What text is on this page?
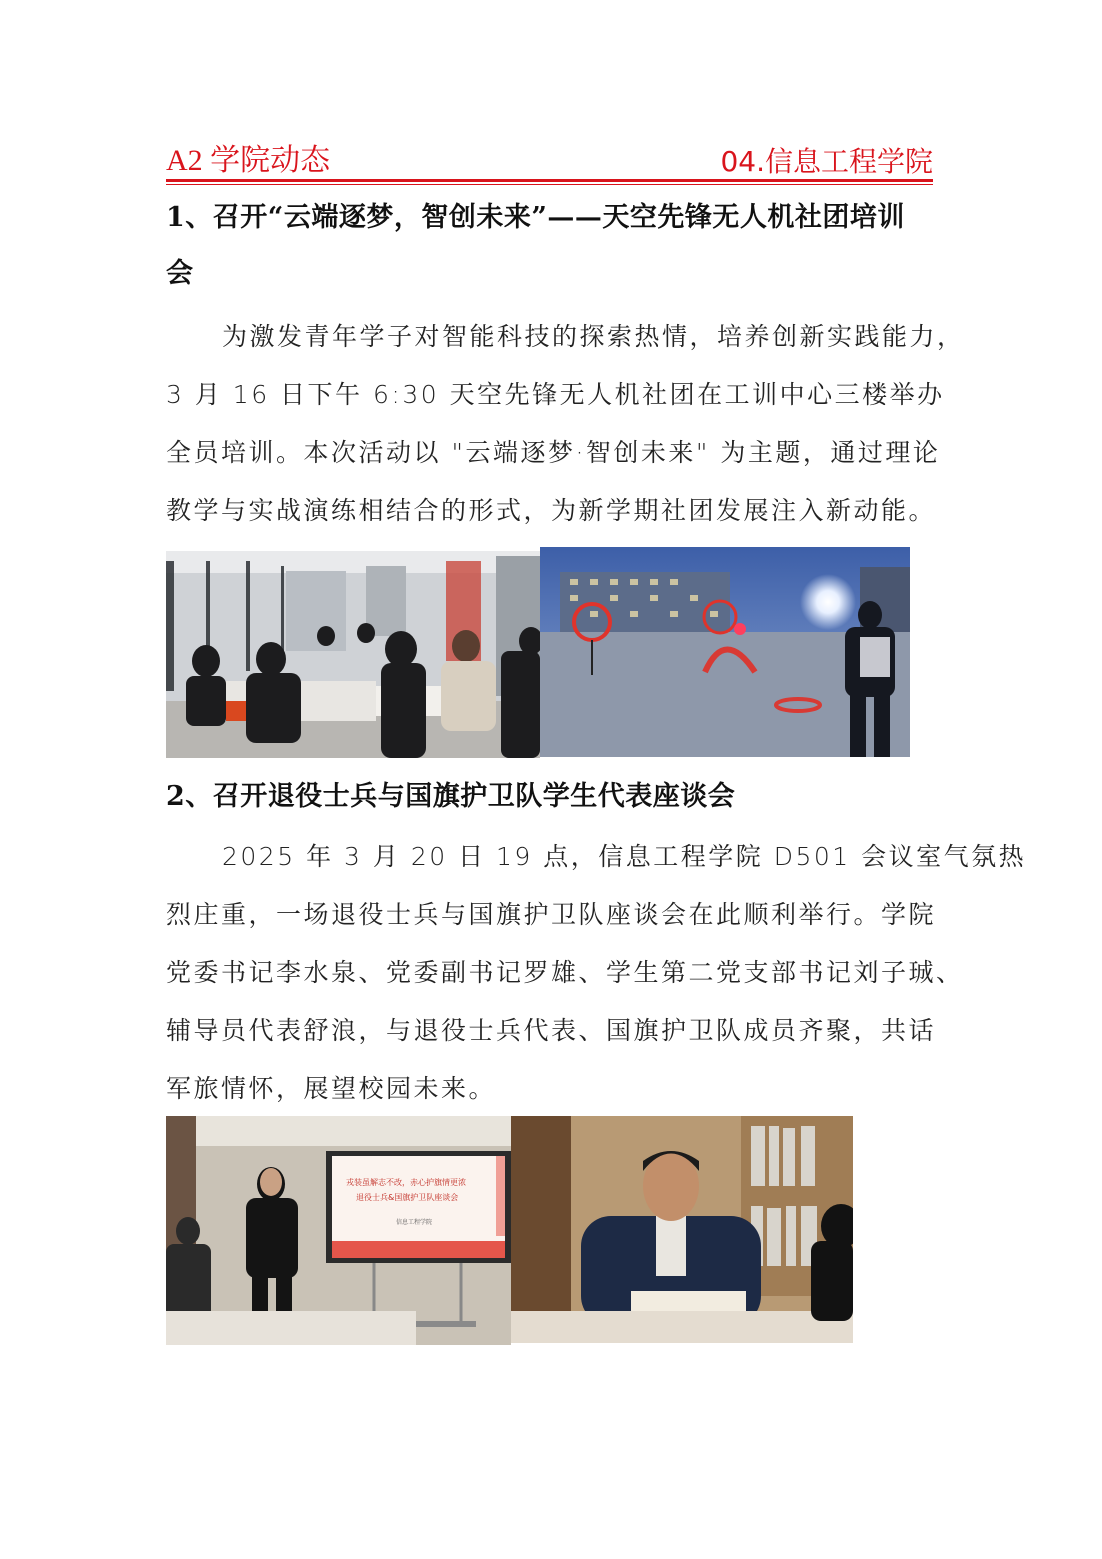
A2 学院动态	04.信息工程学院
1、召开“云端逐梦，智创未来”——天空先锋无人机社团培训
会
为激发青年学子对智能科技的探索热情，培养创新实践能力，
3 月 16 日下午 6:30 天空先锋无人机社团在工训中心三楼举办
全员培训。本次活动以 "云端逐梦·智创未来" 为主题，通过理论
教学与实战演练相结合的形式，为新学期社团发展注入新动能。
2、召开退役士兵与国旗护卫队学生代表座谈会
2025 年 3 月 20 日 19 点，信息工程学院 D501 会议室气氛热
烈庄重，一场退役士兵与国旗护卫队座谈会在此顺利举行。学院
党委书记李水泉、党委副书记罗雄、学生第二党支部书记刘子珹、
辅导员代表舒浪，与退役士兵代表、国旗护卫队成员齐聚，共话
军旅情怀，展望校园未来。
戎装虽解志不改，赤心护旗情更浓
退役士兵&国旗护卫队座谈会
信息工程学院
